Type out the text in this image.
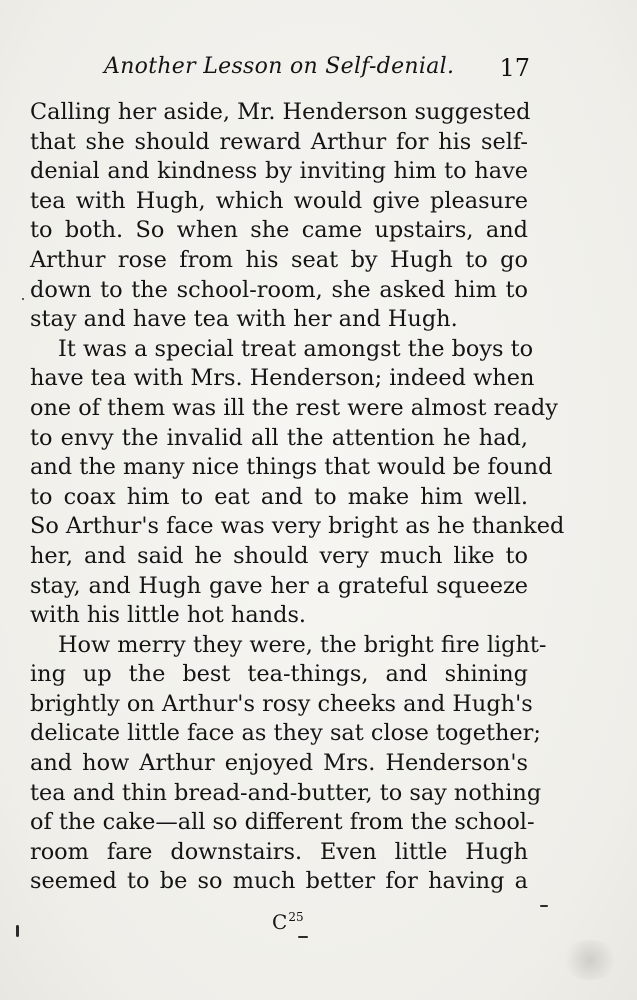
Another Lesson on Self-denial. 17
Calling her aside, Mr. Henderson suggested
that she should reward Arthur for his self-
denial and kindness by inviting him to have
tea with Hugh, which would give pleasure
to both. So when she came upstairs, and
Arthur rose from his seat by Hugh to go
down to the school-room, she asked him to
stay and have tea with her and Hugh.
It was a special treat amongst the boys to
have tea with Mrs. Henderson; indeed when
one of them was ill the rest were almost ready
to envy the invalid all the attention he had,
and the many nice things that would be found
to coax him to eat and to make him well.
So Arthur's face was very bright as he thanked
her, and said he should very much like to
stay, and Hugh gave her a grateful squeeze
with his little hot hands.
How merry they were, the bright fire light-
ing up the best tea-things, and shining
brightly on Arthur's rosy cheeks and Hugh's
delicate little face as they sat close together;
and how Arthur enjoyed Mrs. Henderson's
tea and thin bread-and-butter, to say nothing
of the cake—all so different from the school-
room fare downstairs. Even little Hugh
seemed to be so much better for having a
$C^{25}$
